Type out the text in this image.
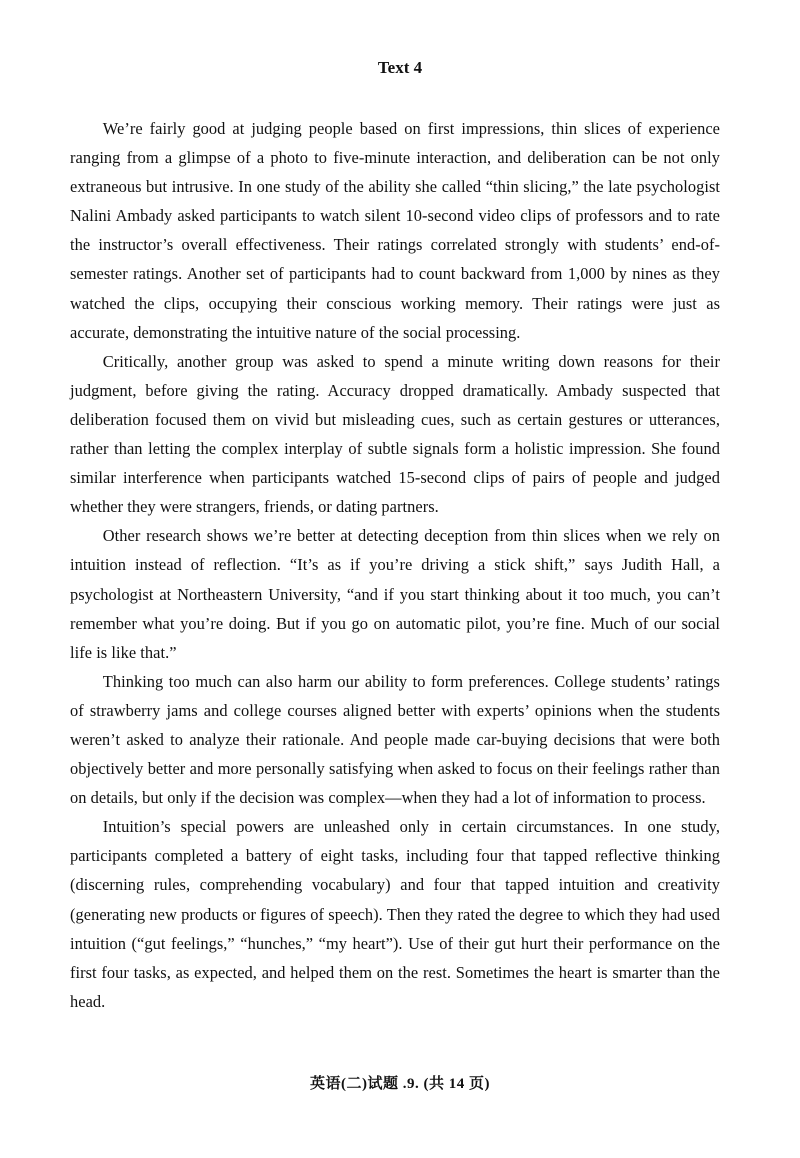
Text 4

We’re fairly good at judging people based on first impressions, thin slices of experience ranging from a glimpse of a photo to five-minute interaction, and deliberation can be not only extraneous but intrusive. In one study of the ability she called “thin slicing,” the late psychologist Nalini Ambady asked participants to watch silent 10-second video clips of professors and to rate the instructor’s overall effectiveness. Their ratings correlated strongly with students’ end-of-semester ratings. Another set of participants had to count backward from 1,000 by nines as they watched the clips, occupying their conscious working memory. Their ratings were just as accurate, demonstrating the intuitive nature of the social processing.

Critically, another group was asked to spend a minute writing down reasons for their judgment, before giving the rating. Accuracy dropped dramatically. Ambady suspected that deliberation focused them on vivid but misleading cues, such as certain gestures or utterances, rather than letting the complex interplay of subtle signals form a holistic impression. She found similar interference when participants watched 15-second clips of pairs of people and judged whether they were strangers, friends, or dating partners.

Other research shows we’re better at detecting deception from thin slices when we rely on intuition instead of reflection. “It’s as if you’re driving a stick shift,” says Judith Hall, a psychologist at Northeastern University, “and if you start thinking about it too much, you can’t remember what you’re doing. But if you go on automatic pilot, you’re fine. Much of our social life is like that.”

Thinking too much can also harm our ability to form preferences. College students’ ratings of strawberry jams and college courses aligned better with experts’ opinions when the students weren’t asked to analyze their rationale. And people made car-buying decisions that were both objectively better and more personally satisfying when asked to focus on their feelings rather than on details, but only if the decision was complex—when they had a lot of information to process.

Intuition’s special powers are unleashed only in certain circumstances. In one study, participants completed a battery of eight tasks, including four that tapped reflective thinking (discerning rules, comprehending vocabulary) and four that tapped intuition and creativity (generating new products or figures of speech). Then they rated the degree to which they had used intuition (“gut feelings,” “hunches,” “my heart”). Use of their gut hurt their performance on the first four tasks, as expected, and helped them on the rest. Sometimes the heart is smarter than the head.

英语(二)试题 .9. (共 14 页)
